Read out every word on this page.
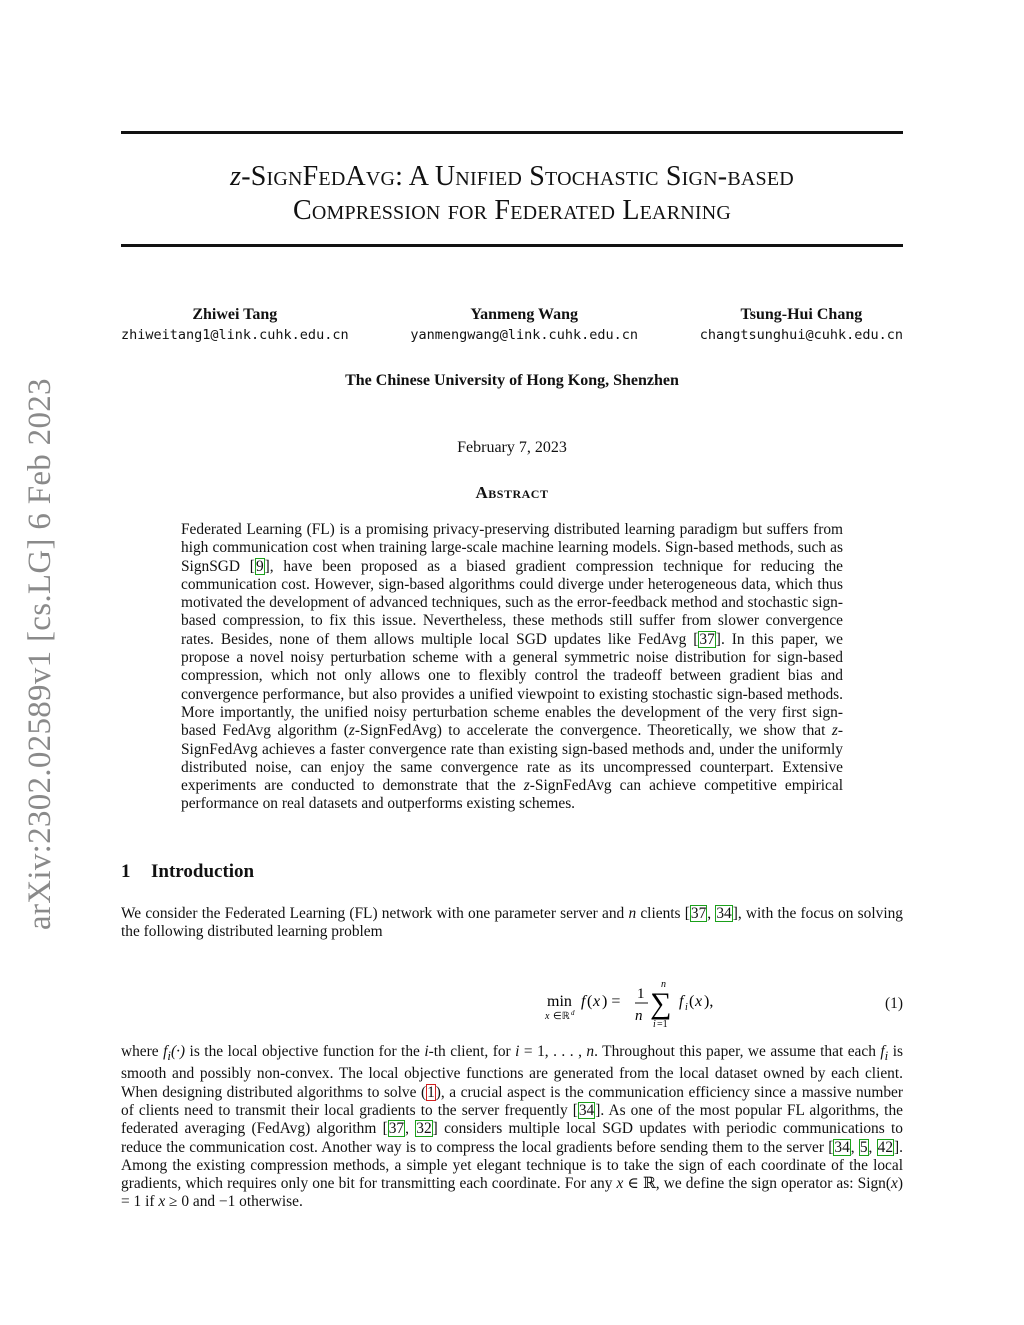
arXiv:2302.02589v1 [cs.LG] 6 Feb 2023
z-SignFedAvg: A Unified Stochastic Sign-based
Compression for Federated Learning
Zhiwei Tang
zhiweitang1@link.cuhk.edu.cn
Yanmeng Wang
yanmengwang@link.cuhk.edu.cn
Tsung-Hui Chang
changtsunghui@cuhk.edu.cn
The Chinese University of Hong Kong, Shenzhen
February 7, 2023
Abstract
Federated Learning (FL) is a promising privacy-preserving distributed learning paradigm but suffers from high communication cost when training large-scale machine learning models. Sign-based methods, such as SignSGD [9], have been proposed as a biased gradient compression technique for reducing the communication cost. However, sign-based algorithms could diverge under heterogeneous data, which thus motivated the development of advanced techniques, such as the error-feedback method and stochastic sign-based compression, to fix this issue. Nevertheless, these methods still suffer from slower convergence rates. Besides, none of them allows multiple local SGD updates like FedAvg [37]. In this paper, we propose a novel noisy perturbation scheme with a general symmetric noise distribution for sign-based compression, which not only allows one to flexibly control the tradeoff between gradient bias and convergence performance, but also provides a unified viewpoint to existing stochastic sign-based methods. More importantly, the unified noisy perturbation scheme enables the development of the very first sign-based FedAvg algorithm (z-SignFedAvg) to accelerate the convergence. Theoretically, we show that z-SignFedAvg achieves a faster convergence rate than existing sign-based methods and, under the uniformly distributed noise, can enjoy the same convergence rate as its uncompressed counterpart. Extensive experiments are conducted to demonstrate that the z-SignFedAvg can achieve competitive empirical performance on real datasets and outperforms existing schemes.
1 Introduction
We consider the Federated Learning (FL) network with one parameter server and n clients [37, 34], with the focus on solving the following distributed learning problem
min
x ∈ℝ d
f ( x ) = 1
n
n
∑
i =1
f i ( x ),	(1)
where $f_i(\cdot)$ is the local objective function for the i-th client, for i = 1, . . . , n. Throughout this paper, we assume that each $f_i$ is smooth and possibly non-convex. The local objective functions are generated from the local dataset owned by each client. When designing distributed algorithms to solve (1), a crucial aspect is the communication efficiency since a massive number of clients need to transmit their local gradients to the server frequently [34]. As one of the most popular FL algorithms, the federated averaging (FedAvg) algorithm [37, 32] considers multiple local SGD updates with periodic communications to reduce the communication cost. Another way is to compress the local gradients before sending them to the server [34, 5, 42]. Among the existing compression methods, a simple yet elegant technique is to take the sign of each coordinate of the local gradients, which requires only one bit for transmitting each coordinate. For any x ∈ ℝ, we define the sign operator as: Sign(x) = 1 if x ≥ 0 and −1 otherwise.
